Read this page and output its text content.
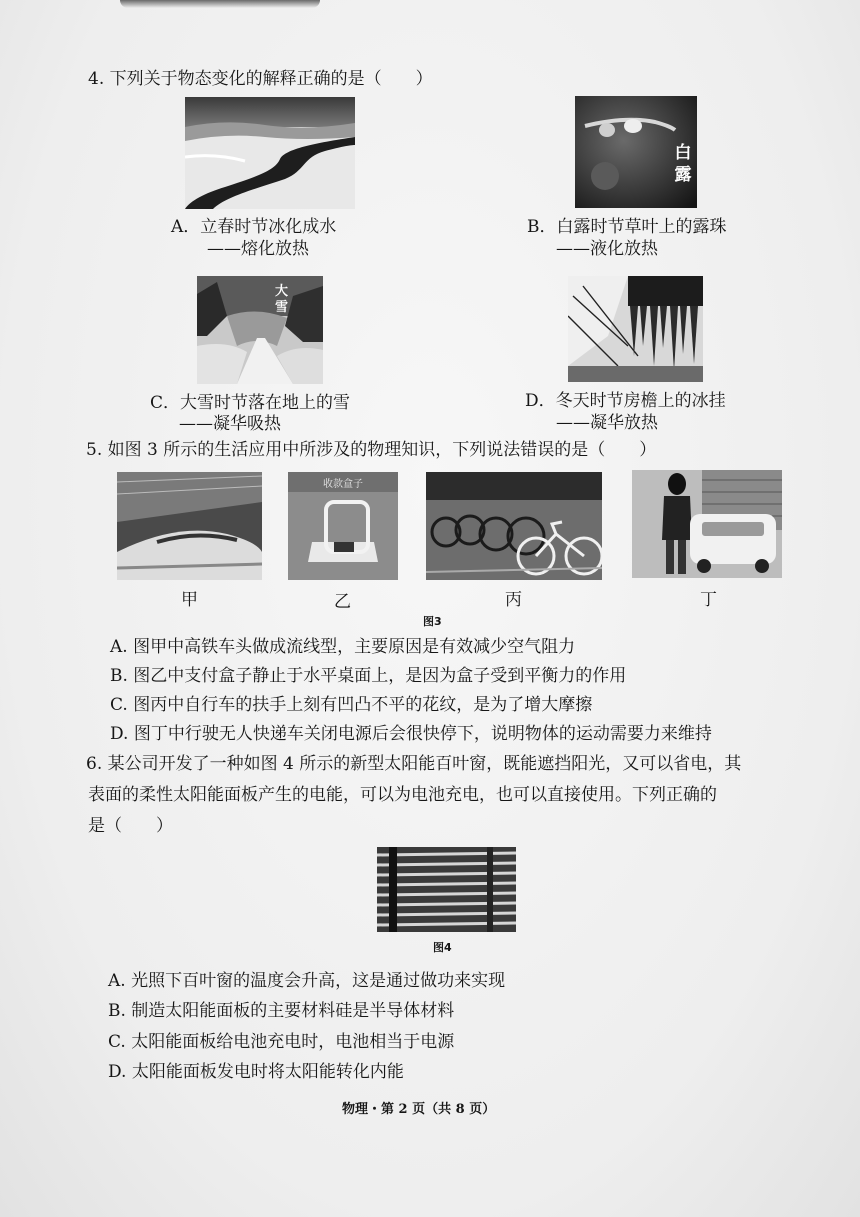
4. 下列关于物态变化的解释正确的是（　　）
A．立春时节冰化成水
——熔化放热
白露
B．白露时节草叶上的露珠
——液化放热
大雪
C．大雪时节落在地上的雪
——凝华吸热
D．冬天时节房檐上的冰挂
——凝华放热
5. 如图 3 所示的生活应用中所涉及的物理知识，下列说法错误的是（　　）
甲
收款盒子
乙	丙	丁
图3
A. 图甲中高铁车头做成流线型，主要原因是有效减少空气阻力
B. 图乙中支付盒子静止于水平桌面上，是因为盒子受到平衡力的作用
C. 图丙中自行车的扶手上刻有凹凸不平的花纹，是为了增大摩擦
D. 图丁中行驶无人快递车关闭电源后会很快停下，说明物体的运动需要力来维持
6. 某公司开发了一种如图 4 所示的新型太阳能百叶窗，既能遮挡阳光，又可以省电，其
表面的柔性太阳能面板产生的电能，可以为电池充电，也可以直接使用。下列正确的
是（　　）
图4
A. 光照下百叶窗的温度会升高，这是通过做功来实现
B. 制造太阳能面板的主要材料硅是半导体材料
C. 太阳能面板给电池充电时，电池相当于电源
D. 太阳能面板发电时将太阳能转化内能
物理・第 2 页（共 8 页）
